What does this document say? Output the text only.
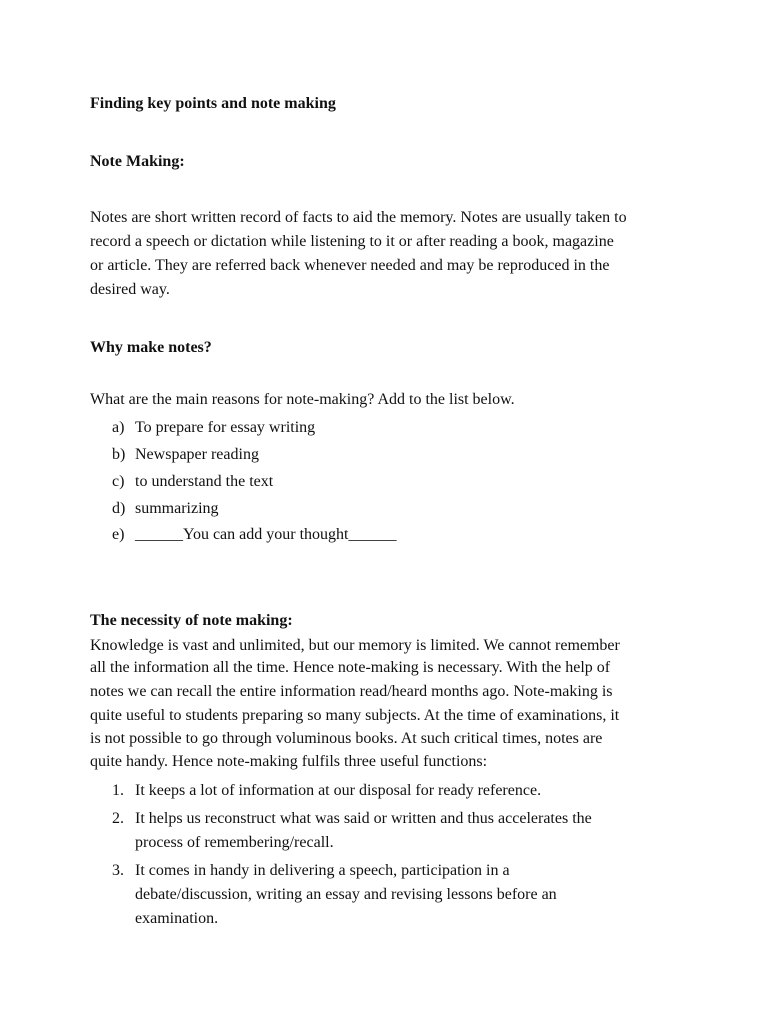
Finding key points and note making
Note Making:
Notes are short written record of facts to aid the memory. Notes are usually taken to
record a speech or dictation while listening to it or after reading a book, magazine
or article. They are referred back whenever needed and may be reproduced in the
desired way.
Why make notes?
What are the main reasons for note-making? Add to the list below.
a) To prepare for essay writing
b) Newspaper reading
c) to understand the text
d) summarizing
e) ______You can add your thought______
The necessity of note making:
Knowledge is vast and unlimited, but our memory is limited. We cannot remember
all the information all the time. Hence note-making is necessary. With the help of
notes we can recall the entire information read/heard months ago. Note-making is
quite useful to students preparing so many subjects. At the time of examinations, it
is not possible to go through voluminous books. At such critical times, notes are
quite handy. Hence note-making fulfils three useful functions:
1. It keeps a lot of information at our disposal for ready reference.
2. It helps us reconstruct what was said or written and thus accelerates the
process of remembering/recall.
3. It comes in handy in delivering a speech, participation in a
debate/discussion, writing an essay and revising lessons before an
examination.
